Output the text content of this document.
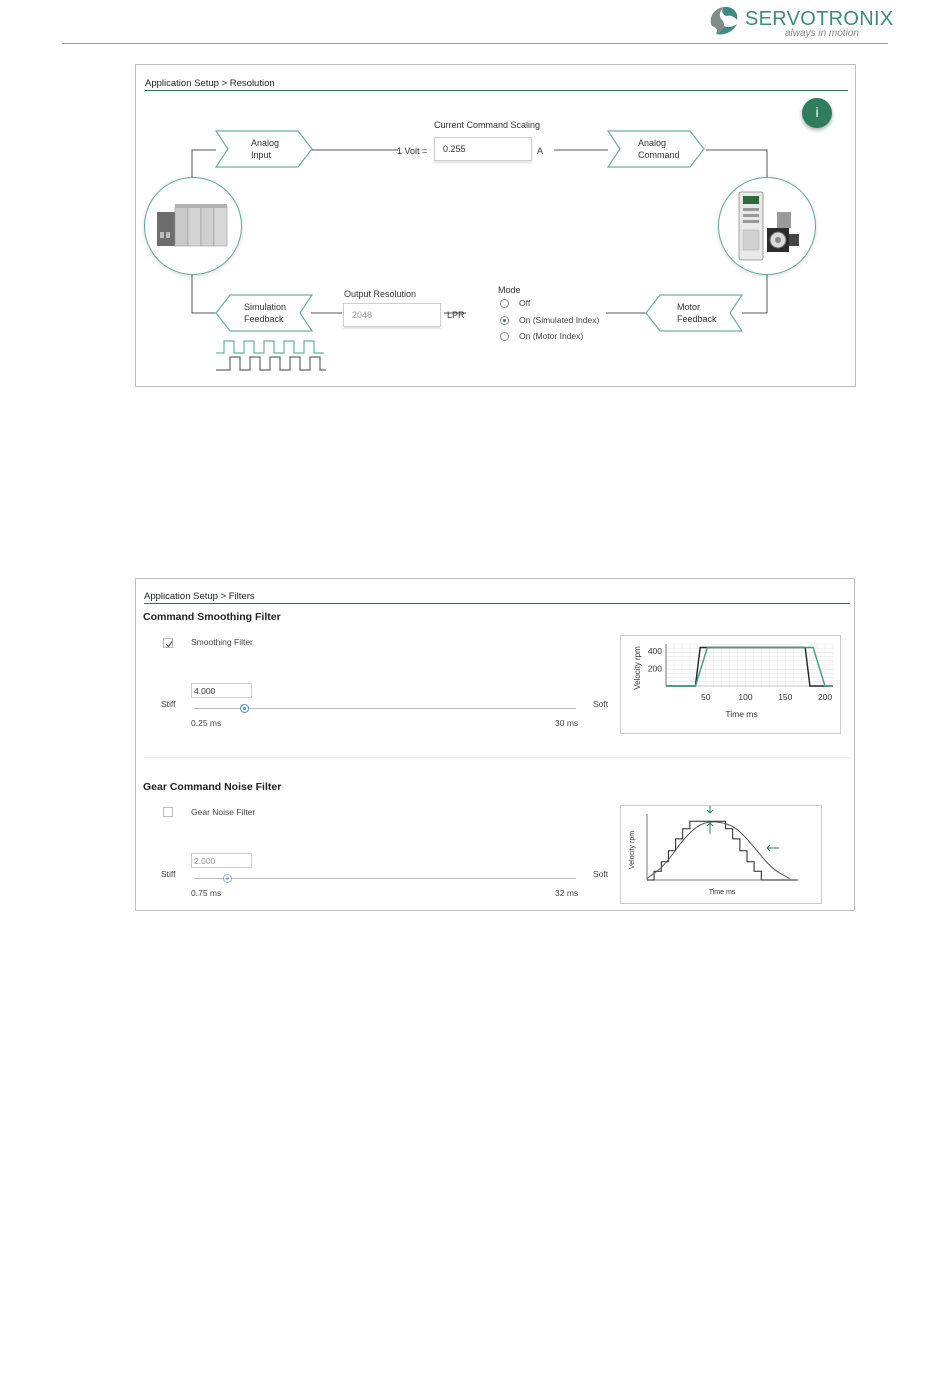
SERVOTRONIX
always in motion
Application Setup > Resolution
i
Analog
Input
Analog
Command
Simulation
Feedback
Motor
Feedback
Current Command Scaling
1 Volt =	0.255	A
Output Resolution
2048	LPR
Mode
Off
On (Simulated Index)
On (Motor Index)
Application Setup > Filters
Command Smoothing Filter
Smoothing Filter
4.000
Stiff	Soft
0.25 ms	30 ms
50	100	150	200
200
400
Time ms
Velocity rpm
Gear Command Noise Filter
Gear Noise Filter
2.000
Stiff	Soft
0.75 ms	32 ms	Time ms
Velocity rpm
